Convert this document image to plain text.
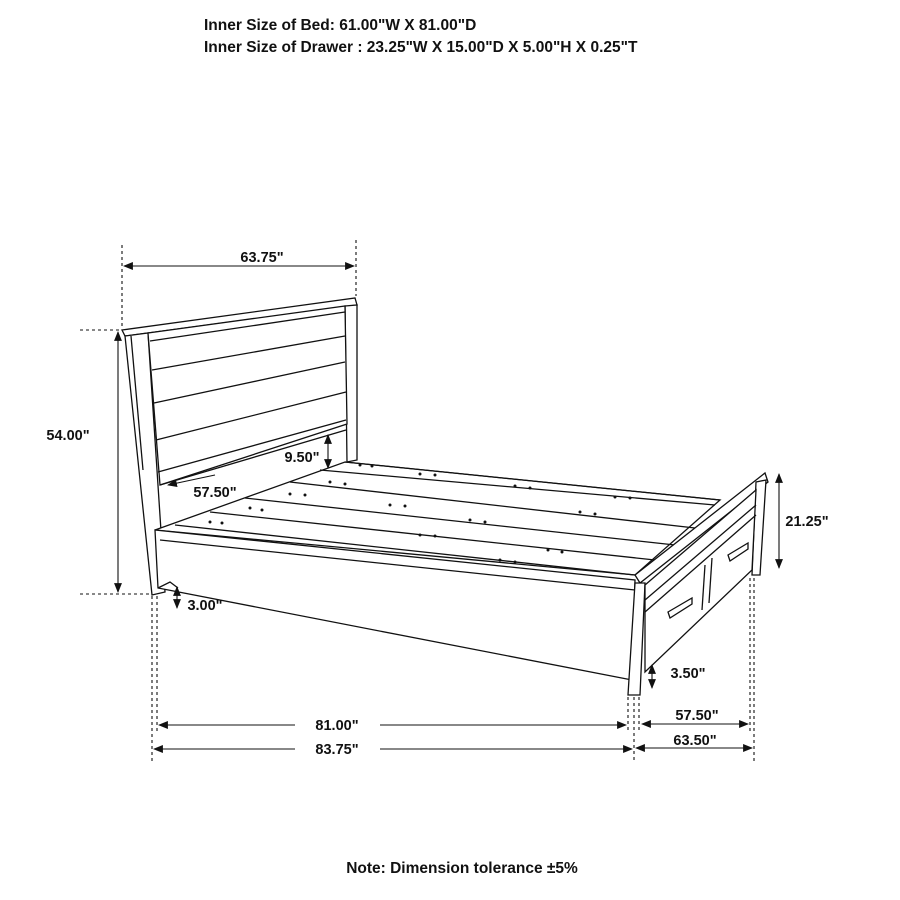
Inner Size of Bed: 61.00"W X 81.00"D
Inner Size of Drawer : 23.25"W X 15.00"D X 5.00"H X 0.25"T
63.75"
54.00"
9.50"
57.50"
3.00"
21.25"
3.50"
81.00"
83.75"
57.50"
63.50"
Note: Dimension tolerance ±5%
